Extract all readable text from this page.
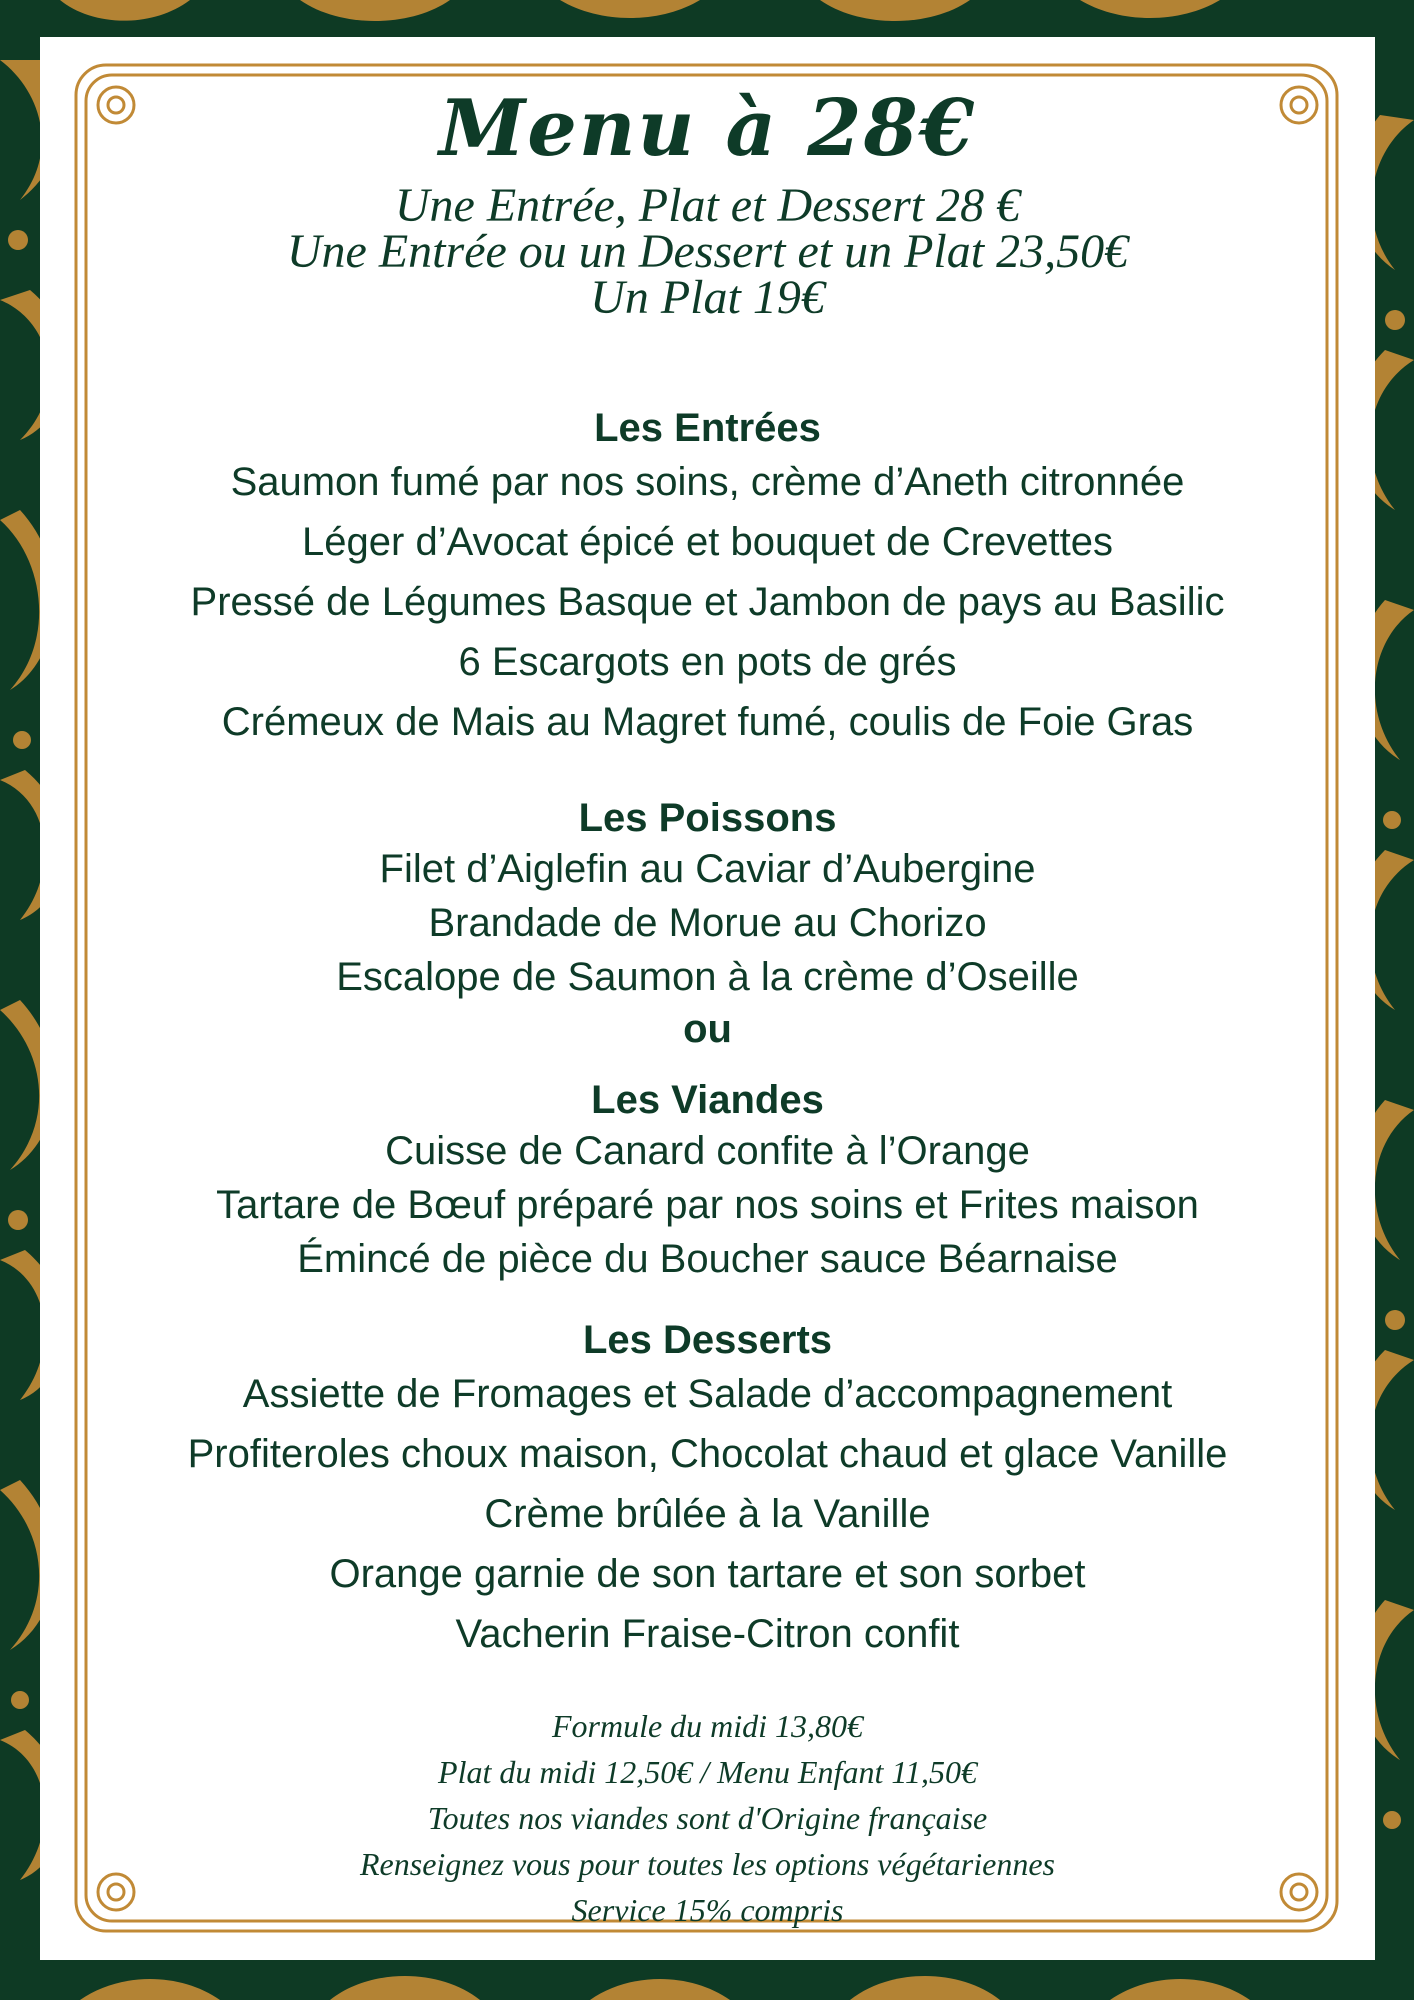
Menu à 28€
Une Entrée, Plat et Dessert 28 €
Une Entrée ou un Dessert et un Plat 23,50€
Un Plat 19€
Les Entrées
Saumon fumé par nos soins, crème d’Aneth citronnée
Léger d’Avocat épicé et bouquet de Crevettes
Pressé de Légumes Basque et Jambon de pays au Basilic
6 Escargots en pots de grés
Crémeux de Mais au Magret fumé, coulis de Foie Gras
Les Poissons
Filet d’Aiglefin au Caviar d’Aubergine
Brandade de Morue au Chorizo
Escalope de Saumon à la crème d’Oseille
ou
Les Viandes
Cuisse de Canard confite à l’Orange
Tartare de Bœuf préparé par nos soins et Frites maison
Émincé de pièce du Boucher sauce Béarnaise
Les Desserts
Assiette de Fromages et Salade d’accompagnement
Profiteroles choux maison, Chocolat chaud et glace Vanille
Crème brûlée à la Vanille
Orange garnie de son tartare et son sorbet
Vacherin Fraise-Citron confit
Formule du midi 13,80€
Plat du midi 12,50€ / Menu Enfant 11,50€
Toutes nos viandes sont d'Origine française
Renseignez vous pour toutes les options végétariennes
Service 15% compris
